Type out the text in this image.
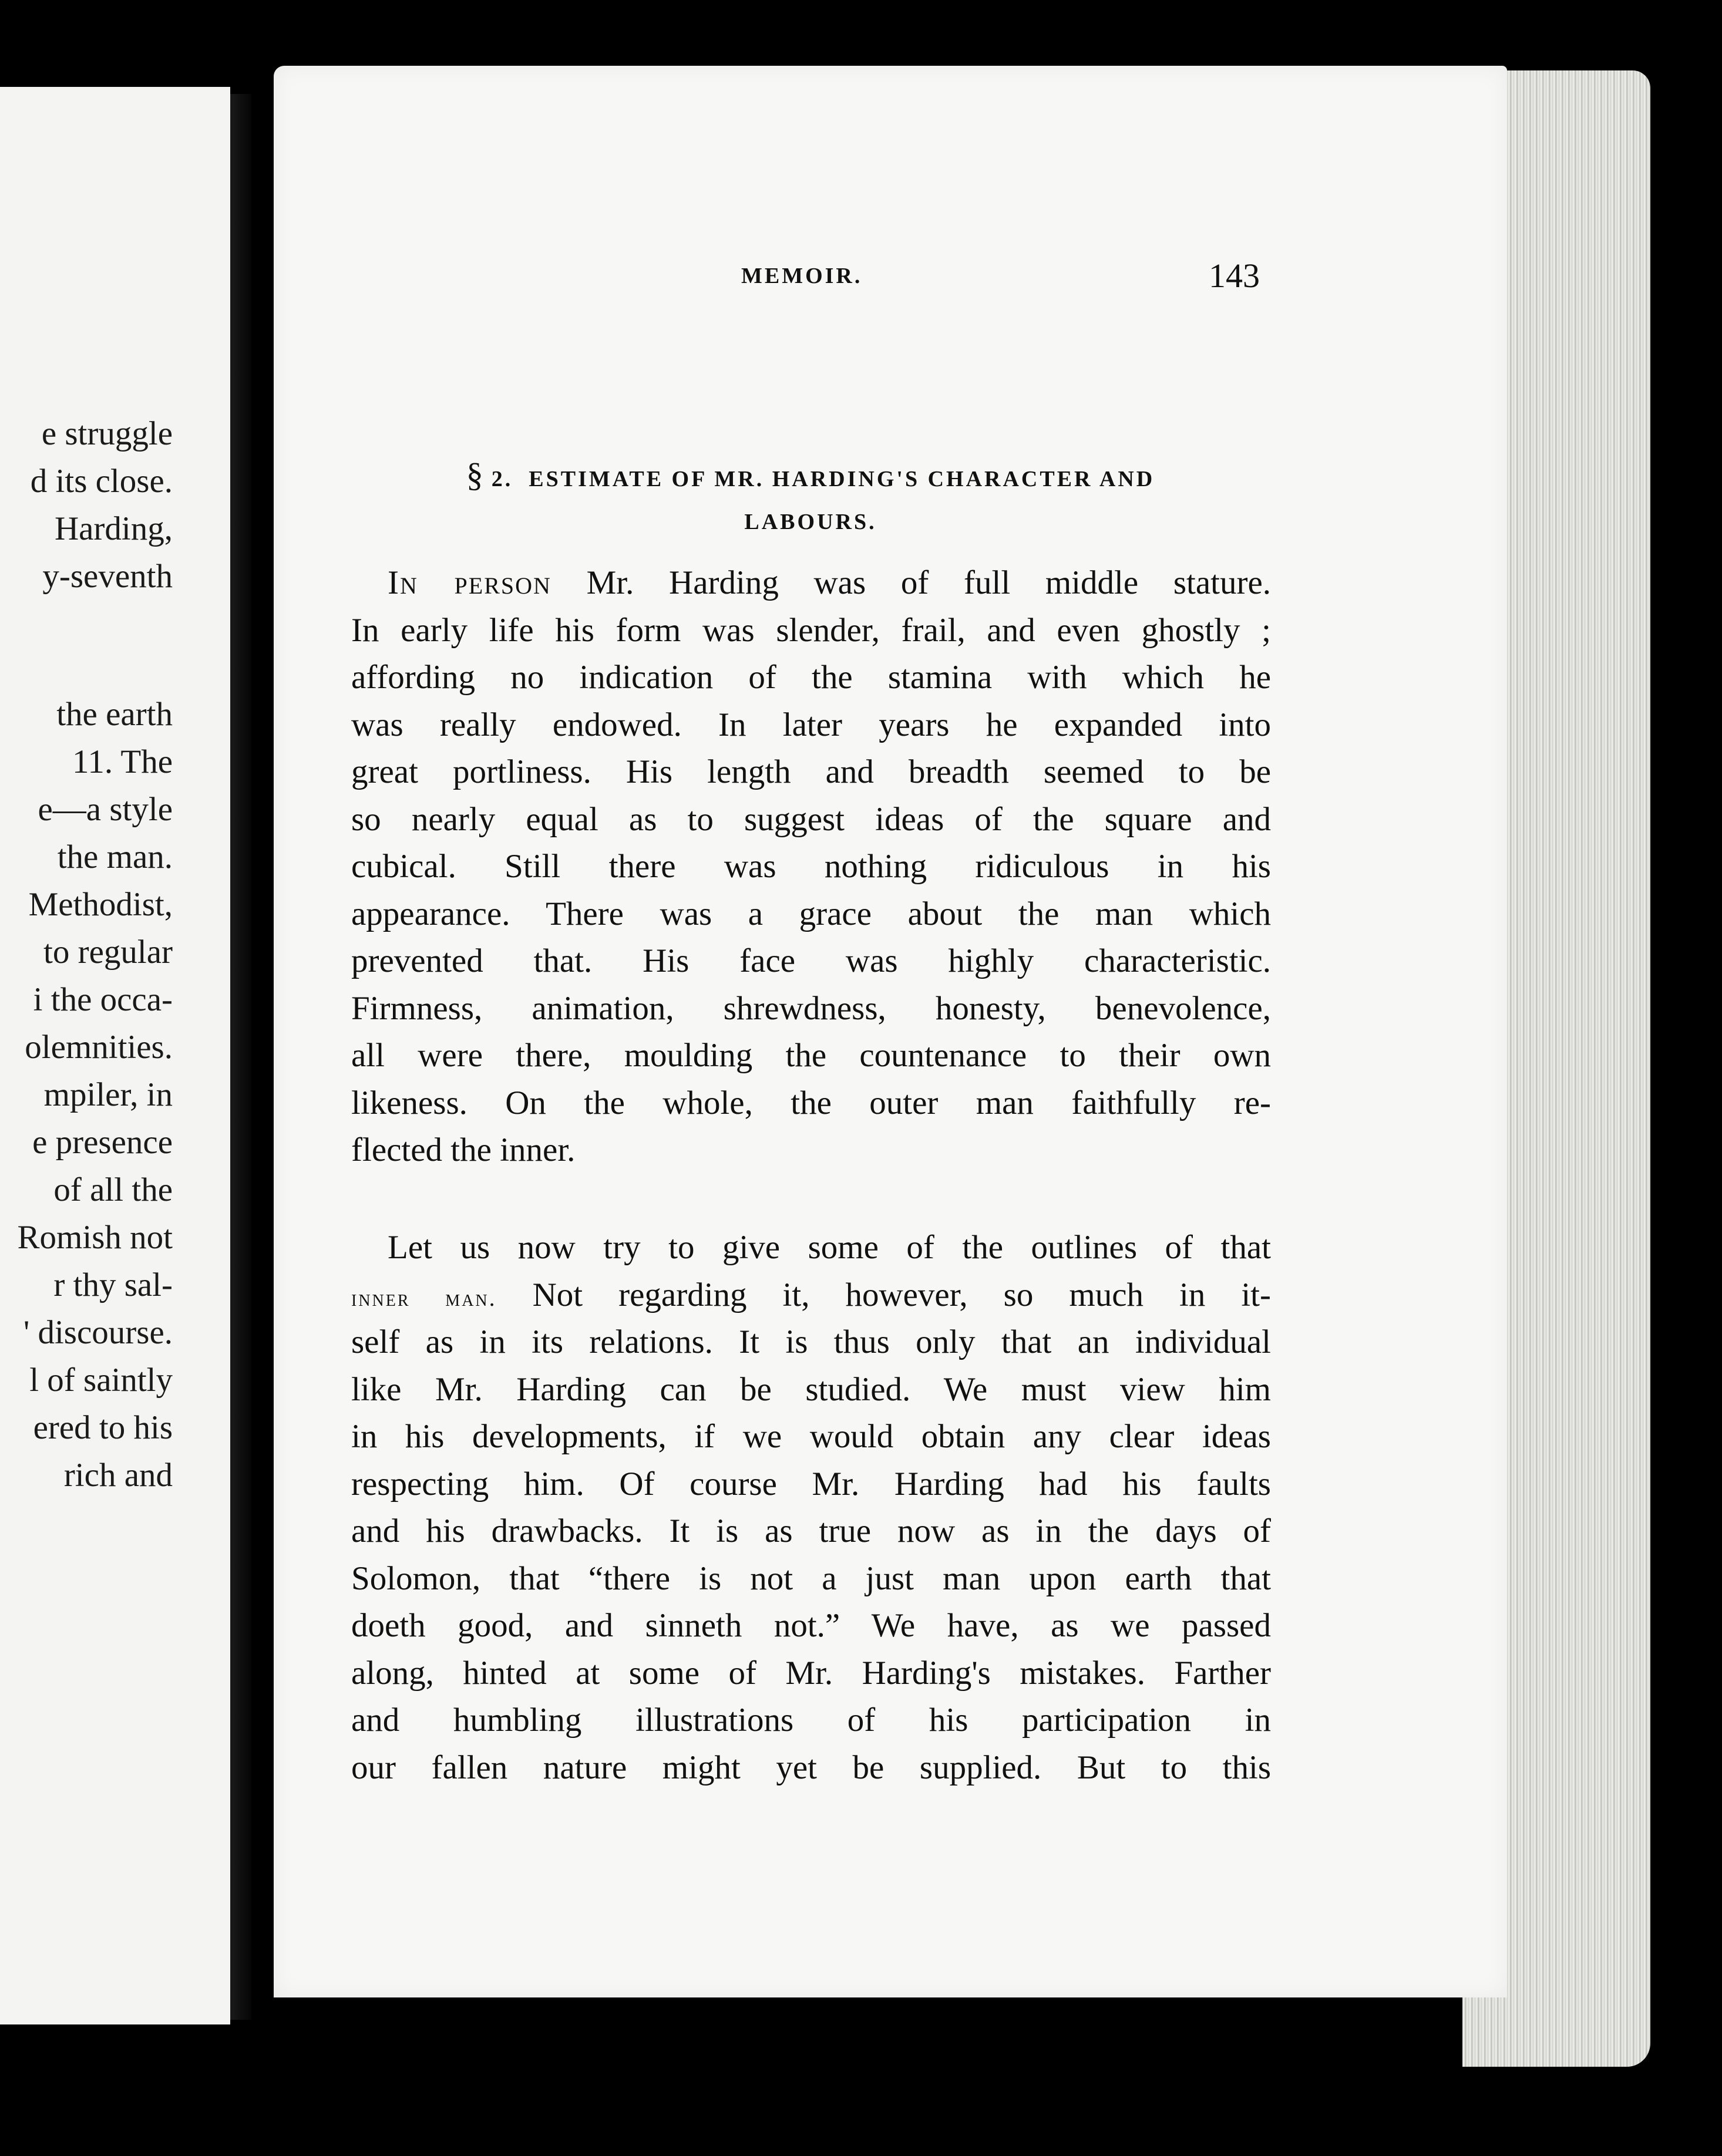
e struggle
d its close.
Harding,
y-seventh
the earth
11. The
e—a style
the man.
Methodist,
to regular
i the occa-
olemnities.
mpiler, in
e presence
of all the
Romish not
r thy sal-
' discourse.
l of saintly
ered to his
rich and
MEMOIR.	143
§ 2. ESTIMATE OF MR. HARDING'S CHARACTER AND
LABOURS.
In person Mr. Harding was of full middle stature.
In early life his form was slender, frail, and even ghostly ;
affording no indication of the stamina with which he
was really endowed. In later years he expanded into
great portliness. His length and breadth seemed to be
so nearly equal as to suggest ideas of the square and
cubical. Still there was nothing ridiculous in his
appearance. There was a grace about the man which
prevented that. His face was highly characteristic.
Firmness, animation, shrewdness, honesty, benevolence,
all were there, moulding the countenance to their own
likeness. On the whole, the outer man faithfully re-
flected the inner.
Let us now try to give some of the outlines of that
inner man. Not regarding it, however, so much in it-
self as in its relations. It is thus only that an individual
like Mr. Harding can be studied. We must view him
in his developments, if we would obtain any clear ideas
respecting him. Of course Mr. Harding had his faults
and his drawbacks. It is as true now as in the days of
Solomon, that “there is not a just man upon earth that
doeth good, and sinneth not.” We have, as we passed
along, hinted at some of Mr. Harding's mistakes. Farther
and humbling illustrations of his participation in
our fallen nature might yet be supplied. But to this
